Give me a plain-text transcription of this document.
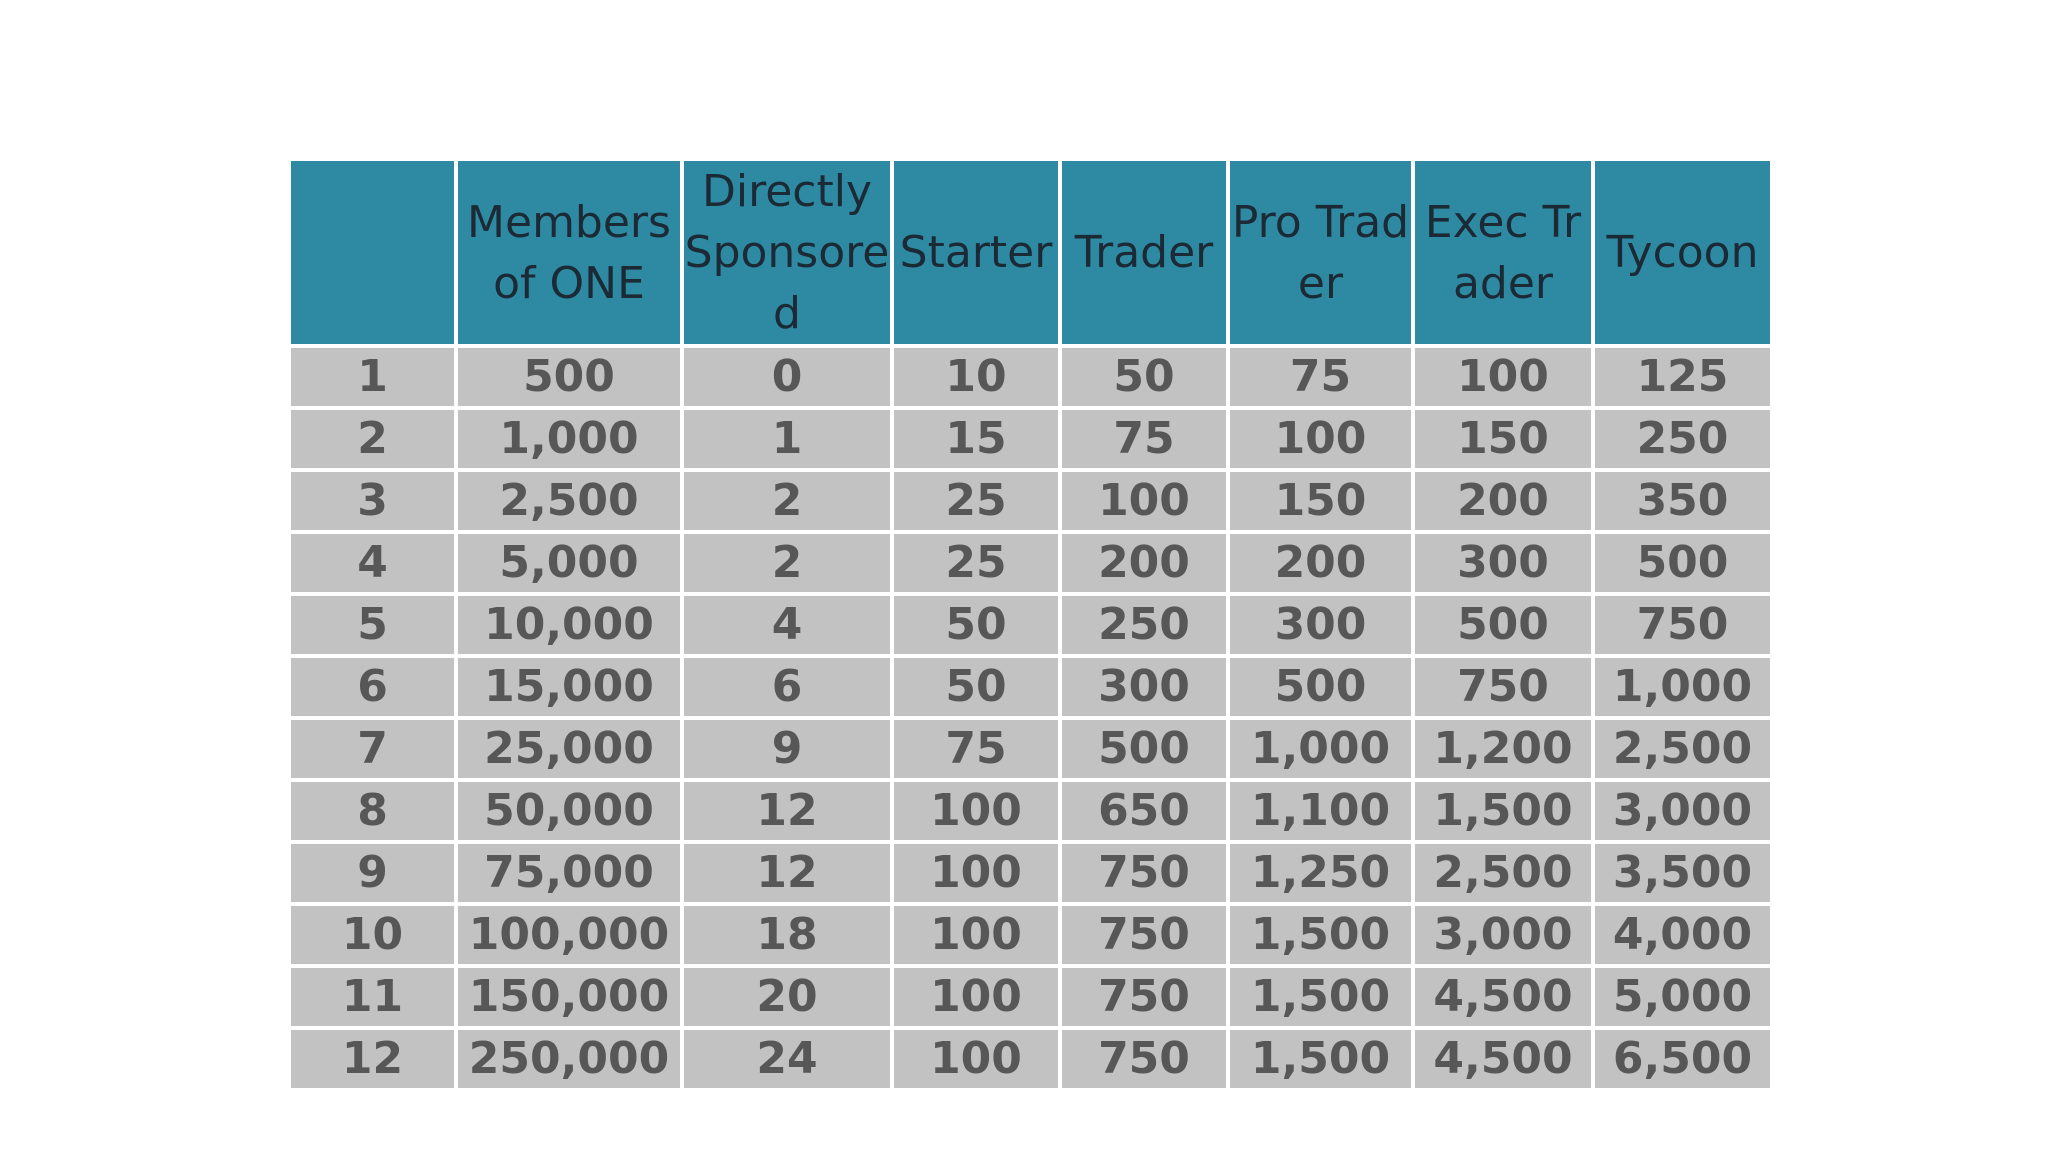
	Members of ONE	Directly Sponsored	Starter	Trader	Pro Trader	Exec Trader	Tycoon
1	500	0	10	50	75	100	125
2	1,000	1	15	75	100	150	250
3	2,500	2	25	100	150	200	350
4	5,000	2	25	200	200	300	500
5	10,000	4	50	250	300	500	750
6	15,000	6	50	300	500	750	1,000
7	25,000	9	75	500	1,000	1,200	2,500
8	50,000	12	100	650	1,100	1,500	3,000
9	75,000	12	100	750	1,250	2,500	3,500
10	100,000	18	100	750	1,500	3,000	4,000
11	150,000	20	100	750	1,500	4,500	5,000
12	250,000	24	100	750	1,500	4,500	6,500
